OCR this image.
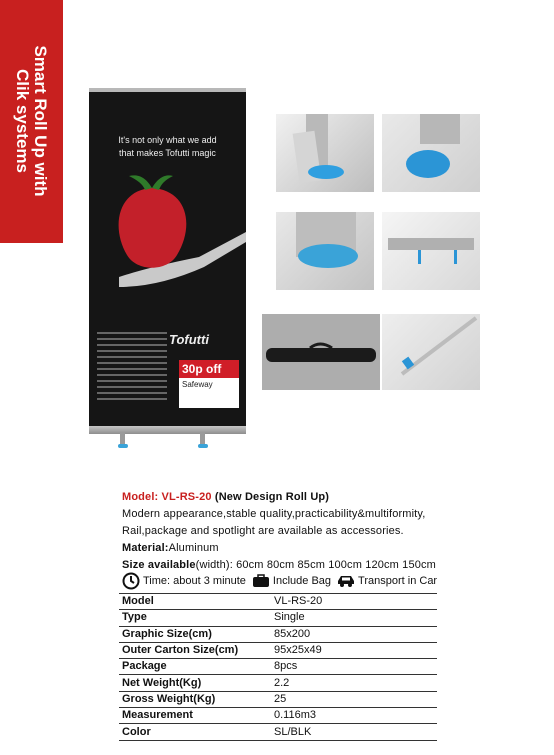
Smart Roll Up with
Clik systems	It's not only what we add
that makes Tofutti magic
Tofutti
30p off
Safeway
Model: VL-RS-20 (New Design Roll Up)
Modern appearance,stable quality,practicability&multiformity,
Rail,package and spotlight are available as accessories.
Material:Aluminum
Size available(width): 60cm 80cm 85cm 100cm 120cm 150cm
Time: about 3 minute Include Bag Transport in Car
Model	VL-RS-20
Type	Single
Graphic Size(cm)	85x200
Outer Carton Size(cm)	95x25x49
Package	8pcs
Net Weight(Kg)	2.2
Gross Weight(Kg)	25
Measurement	0.116m3
Color	SL/BLK
